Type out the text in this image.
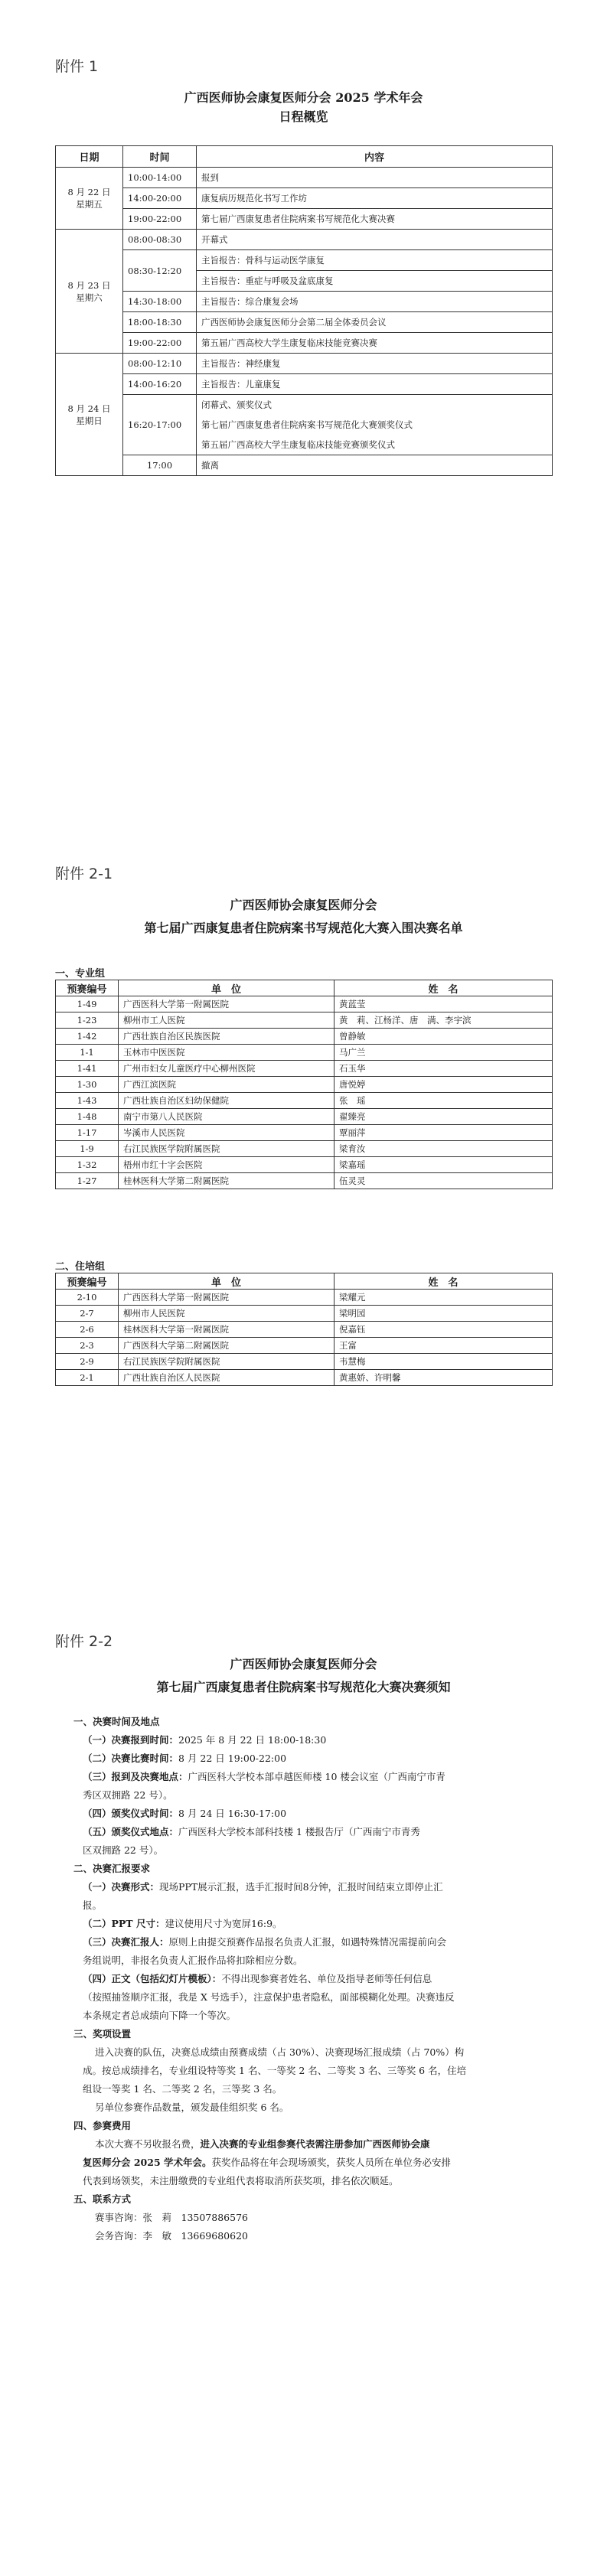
附件 1
广西医师协会康复医师分会 2025 学术年会
日程概览
日期	时间	内容

8 月 22 日
星期五	10:00-14:00	报到
	14:00-20:00	康复病历规范化书写工作坊
	19:00-22:00	第七届广西康复患者住院病案书写规范化大赛决赛

8 月 23 日
星期六	08:00-08:30	开幕式
	08:30-12:20	主旨报告：骨科与运动医学康复
		主旨报告：重症与呼吸及盆底康复
	14:30-18:00	主旨报告：综合康复会场
	18:00-18:30	广西医师协会康复医师分会第二届全体委员会议
	19:00-22:00	第五届广西高校大学生康复临床技能竞赛决赛

8 月 24 日
星期日	08:00-12:10	主旨报告：神经康复
	14:00-16:20	主旨报告：儿童康复
	16:20-17:00	闭幕式、颁奖仪式
第七届广西康复患者住院病案书写规范化大赛颁奖仪式
第五届广西高校大学生康复临床技能竞赛颁奖仪式

	17:00	撤离
附件 2-1
广西医师协会康复医师分会
第七届广西康复患者住院病案书写规范化大赛入围决赛名单
一、专业组
预赛编号	单　位	姓　名
1-49	广西医科大学第一附属医院	黄蓝莹
1-23	柳州市工人医院	黄　莉、江杨洋、唐　满、李宇滨
1-42	广西壮族自治区民族医院	曾静敏
1-1	玉林市中医医院	马广兰
1-41	广州市妇女儿童医疗中心柳州医院	石玉华
1-30	广西江滨医院	唐悦婷
1-43	广西壮族自治区妇幼保健院	张　瑶
1-48	南宁市第八人民医院	翟臻亮
1-17	岑溪市人民医院	覃丽萍
1-9	右江民族医学院附属医院	梁育汝
1-32	梧州市红十字会医院	梁嘉瑶
1-27	桂林医科大学第二附属医院	伍灵灵
二、住培组
预赛编号	单　位	姓　名
2-10	广西医科大学第一附属医院	梁耀元
2-7	柳州市人民医院	梁明园
2-6	桂林医科大学第一附属医院	倪嘉钰
2-3	广西医科大学第二附属医院	王富
2-9	右江民族医学院附属医院	韦慧梅
2-1	广西壮族自治区人民医院	黄惠娇、许明馨
附件 2-2
广西医师协会康复医师分会
第七届广西康复患者住院病案书写规范化大赛决赛须知

一、决赛时间及地点

（一）决赛报到时间：2025 年 8 月 22 日 18:00-18:30

（二）决赛比赛时间：8 月 22 日 19:00-22:00

（三）报到及决赛地点：广西医科大学校本部卓越医师楼 10 楼会议室（广西南宁市青

秀区双拥路 22 号）。

（四）颁奖仪式时间：8 月 24 日 16:30-17:00

（五）颁奖仪式地点：广西医科大学校本部科技楼 1 楼报告厅（广西南宁市青秀

区双拥路 22 号）。

二、决赛汇报要求

（一）决赛形式：现场PPT展示汇报，选手汇报时间8分钟，汇报时间结束立即停止汇

报。

（二）PPT 尺寸：建议使用尺寸为宽屏16:9。

（三）决赛汇报人：原则上由提交预赛作品报名负责人汇报，如遇特殊情况需提前向会

务组说明，非报名负责人汇报作品将扣除相应分数。

（四）正文（包括幻灯片模板）：不得出现参赛者姓名、单位及指导老师等任何信息

（按照抽签顺序汇报，我是 X 号选手），注意保护患者隐私，面部模糊化处理。决赛违反

本条规定者总成绩向下降一个等次。

三、奖项设置

进入决赛的队伍，决赛总成绩由预赛成绩（占 30%）、决赛现场汇报成绩（占 70%）构

成。按总成绩排名，专业组设特等奖 1 名、一等奖 2 名、二等奖 3 名、三等奖 6 名，住培

组设一等奖 1 名、二等奖 2 名，三等奖 3 名。

另单位参赛作品数量，颁发最佳组织奖 6 名。

四、参赛费用

本次大赛不另收报名费，进入决赛的专业组参赛代表需注册参加广西医师协会康

复医师分会 2025 学术年会。获奖作品将在年会现场颁奖，获奖人员所在单位务必安排

代表到场领奖，未注册缴费的专业组代表将取消所获奖项，排名依次顺延。

五、联系方式

赛事咨询：张　莉　13507886576

会务咨询：李　敏　13669680620
